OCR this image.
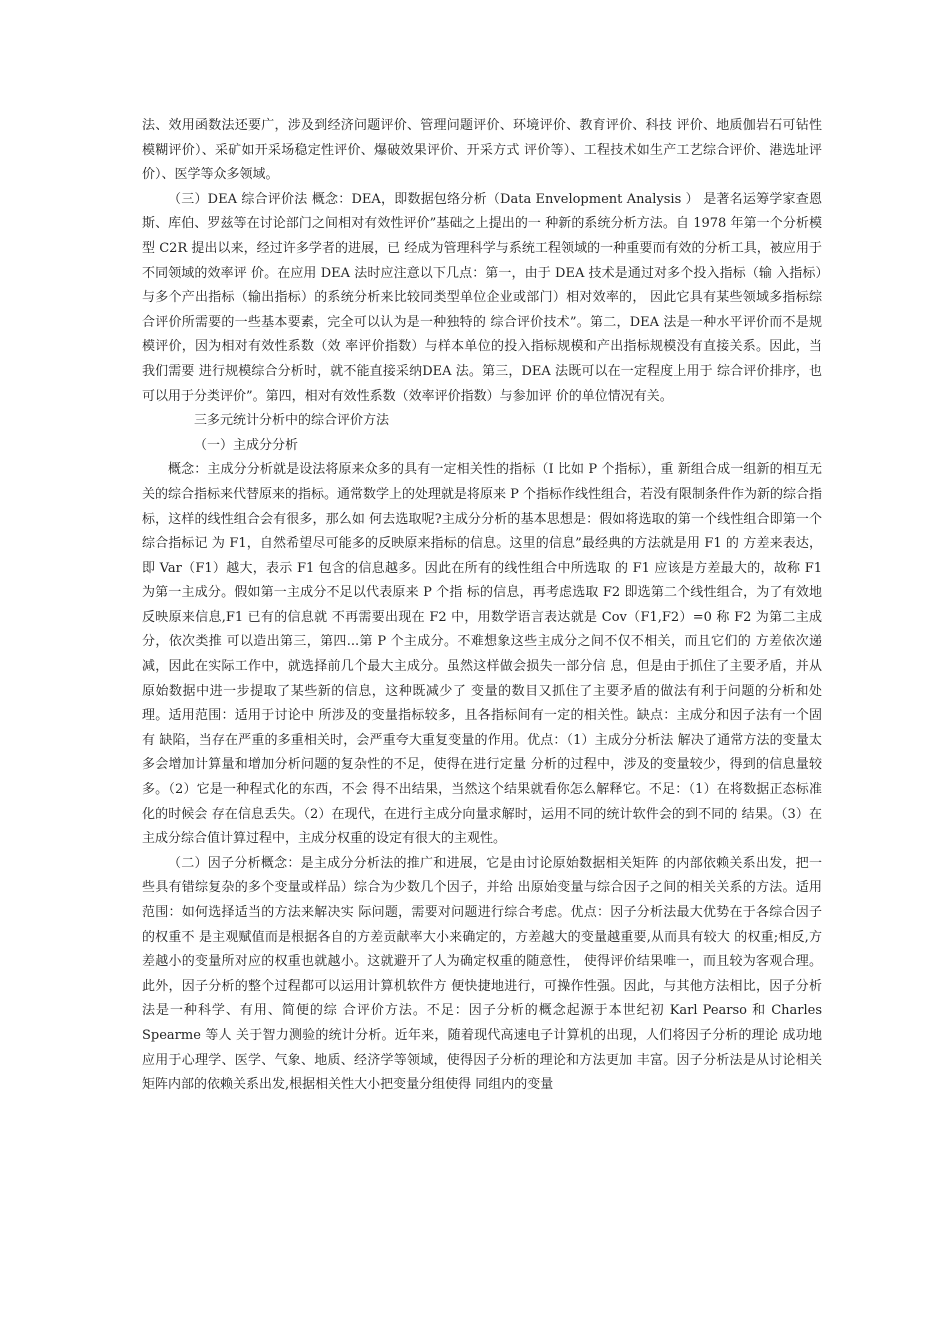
法、效用函数法还要广，涉及到经济问题评价、管理问题评价、环境评价、教育评价、科技 评价、地质伽岩石可钻性模糊评价）、采矿如开采场稳定性评价、爆破效果评价、开采方式 评价等）、工程技术如生产工艺综合评价、港选址评价）、医学等众多领域。

（三）DEA 综合评价法 概念：DEA，即数据包络分析（Data Envelopment Analysis ） 是著名运筹学家查恩斯、库伯、罗兹等在讨论部门之间相对有效性评价”基础之上提出的一 种新的系统分析方法。自 1978 年第一个分析模型 C2R 提出以来，经过许多学者的进展，已 经成为管理科学与系统工程领域的一种重要而有效的分析工具，被应用于不同领域的效率评 价。在应用 DEA 法时应注意以下几点：第一，由于 DEA 技术是通过对多个投入指标（输 入指标）与多个产出指标（输出指标）的系统分析来比较同类型单位企业或部门）相对效率的， 因此它具有某些领域多指标综合评价所需要的一些基本要素，完全可以认为是一种独特的 综合评价技术”。第二，DEA 法是一种水平评价而不是规模评价，因为相对有效性系数（效 率评价指数）与样本单位的投入指标规模和产出指标规模没有直接关系。因此，当我们需要 进行规模综合分析时，就不能直接采纳DEA 法。第三，DEA 法既可以在一定程度上用于 综合评价排序，也可以用于分类评价”。第四，相对有效性系数（效率评价指数）与参加评 价的单位情况有关。

三多元统计分析中的综合评价方法

（一）主成分分析

概念：主成分分析就是设法将原来众多的具有一定相关性的指标（I 比如 P 个指标），重 新组合成一组新的相互无关的综合指标来代替原来的指标。通常数学上的处理就是将原来 P 个指标作线性组合，若没有限制条件作为新的综合指标，这样的线性组合会有很多，那么如 何去选取呢?主成分分析的基本思想是：假如将选取的第一个线性组合即第一个综合指标记 为 F1，自然希望尽可能多的反映原来指标的信息。这里的信息”最经典的方法就是用 F1 的 方差来表达，即 Var（F1）越大，表示 F1 包含的信息越多。因此在所有的线性组合中所选取 的 F1 应该是方差最大的，故称 F1 为第一主成分。假如第一主成分不足以代表原来 P 个指 标的信息，再考虑选取 F2 即选第二个线性组合，为了有效地反映原来信息,F1 已有的信息就 不再需要出现在 F2 中，用数学语言表达就是 Cov（F1,F2）=0 称 F2 为第二主成分，依次类推 可以造出第三，第四...第 P 个主成分。不难想象这些主成分之间不仅不相关，而且它们的 方差依次递减，因此在实际工作中，就选择前几个最大主成分。虽然这样做会损失一部分信 息，但是由于抓住了主要矛盾，并从原始数据中进一步提取了某些新的信息，这种既减少了 变量的数目又抓住了主要矛盾的做法有利于问题的分析和处理。适用范围：适用于讨论中 所涉及的变量指标较多，且各指标间有一定的相关性。缺点：主成分和因子法有一个固有 缺陷，当存在严重的多重相关时，会严重夸大重复变量的作用。优点：（1）主成分分析法 解决了通常方法的变量太多会增加计算量和增加分析问题的复杂性的不足，使得在进行定量 分析的过程中，涉及的变量较少，得到的信息量较多。（2）它是一种程式化的东西，不会 得不出结果，当然这个结果就看你怎么解释它。不足：（1）在将数据正态标准化的时候会 存在信息丢失。（2）在现代，在进行主成分向量求解时，运用不同的统计软件会的到不同的 结果。（3）在主成分综合值计算过程中，主成分权重的设定有很大的主观性。

（二）因子分析概念：是主成分分析法的推广和进展，它是由讨论原始数据相关矩阵 的内部依赖关系出发，把一些具有错综复杂的多个变量或样品）综合为少数几个因子，并给 出原始变量与综合因子之间的相关关系的方法。适用范围：如何选择适当的方法来解决实 际问题，需要对问题进行综合考虑。优点：因子分析法最大优势在于各综合因子的权重不 是主观赋值而是根据各自的方差贡献率大小来确定的，方差越大的变量越重要,从而具有较大 的权重;相反,方差越小的变量所对应的权重也就越小。这就避开了人为确定权重的随意性， 使得评价结果唯一，而且较为客观合理。此外，因子分析的整个过程都可以运用计算机软件方 便快捷地进行，可操作性强。因此，与其他方法相比，因子分析法是一种科学、有用、简便的综 合评价方法。不足：因子分析的概念起源于本世纪初 Karl Pearso 和 Charles Spearme 等人 关于智力测验的统计分析。近年来，随着现代高速电子计算机的出现，人们将因子分析的理论 成功地应用于心理学、医学、气象、地质、经济学等领域，使得因子分析的理论和方法更加 丰富。因子分析法是从讨论相关矩阵内部的依赖关系出发,根据相关性大小把变量分组使得 同组内的变量
